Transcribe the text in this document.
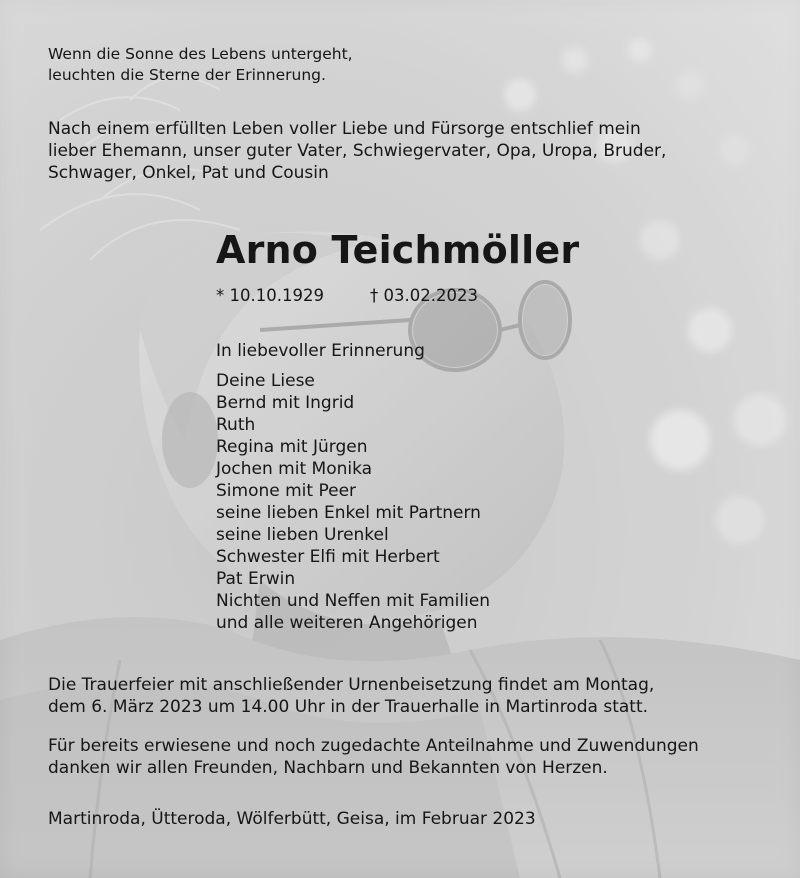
Wenn die Sonne des Lebens untergeht,
leuchten die Sterne der Erinnerung.

Nach einem erfüllten Leben voller Liebe und Fürsorge entschlief mein
lieber Ehemann, unser guter Vater, Schwiegervater, Opa, Uropa, Bruder,
Schwager, Onkel, Pat und Cousin

Arno Teichmöller
* 10.10.1929	† 03.02.2023
In liebevoller Erinnerung
Deine Liese
Bernd mit Ingrid
Ruth
Regina mit Jürgen
Jochen mit Monika
Simone mit Peer
seine lieben Enkel mit Partnern
seine lieben Urenkel
Schwester Elfi mit Herbert
Pat Erwin
Nichten und Neffen mit Familien
und alle weiteren Angehörigen

Die Trauerfeier mit anschließender Urnenbeisetzung findet am Montag,
dem 6. März 2023 um 14.00 Uhr in der Trauerhalle in Martinroda statt.

Für bereits erwiesene und noch zugedachte Anteilnahme und Zuwendungen
danken wir allen Freunden, Nachbarn und Bekannten von Herzen.

Martinroda, Ütteroda, Wölferbütt, Geisa, im Februar 2023
